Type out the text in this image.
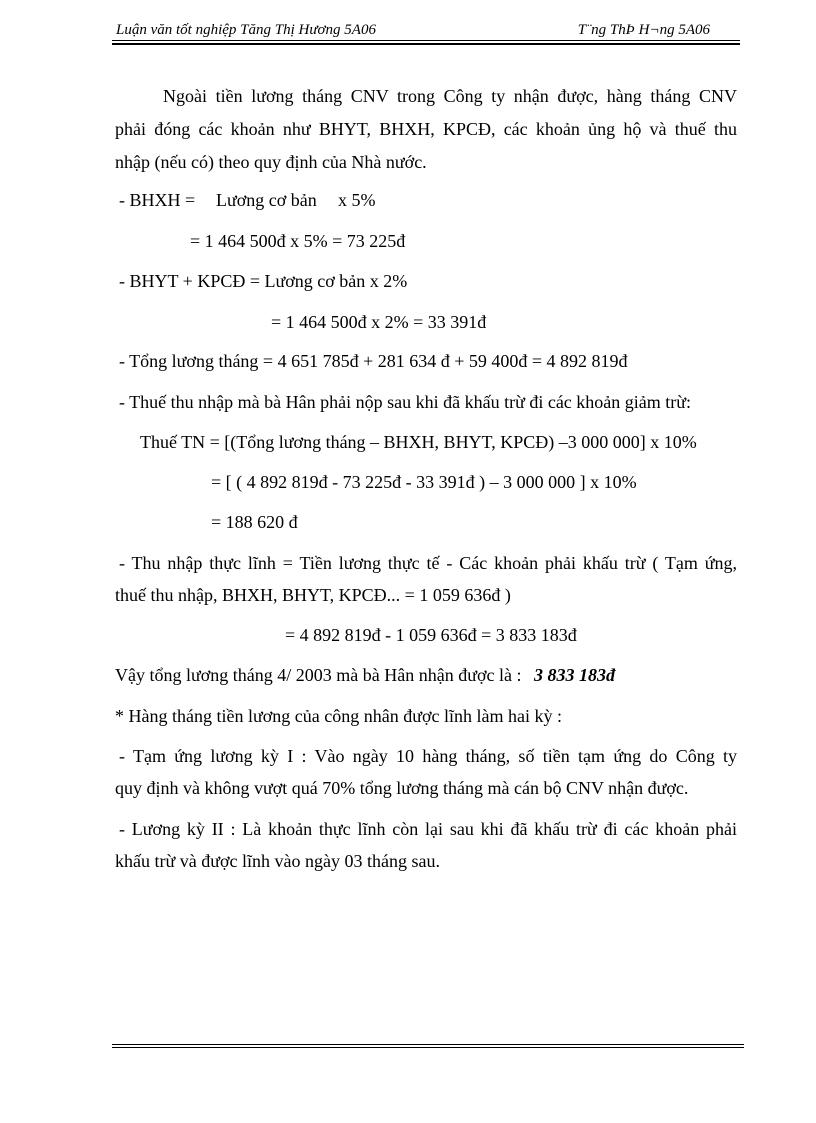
Luận văn tốt nghiệp Tăng Thị Hương 5A06	T¨ng ThÞ H¬ng 5A06
Ngoài tiền lương tháng CNV trong Công ty nhận được, hàng tháng CNV
phải đóng các khoản như BHYT, BHXH, KPCĐ, các khoản ủng hộ và thuế thu
nhập (nếu có) theo quy định của Nhà nước.
- BHXH = Lương cơ bản x 5%
= 1 464 500đ x 5% = 73 225đ
- BHYT + KPCĐ = Lương cơ bản x 2%
= 1 464 500đ x 2% = 33 391đ
- Tổng lương tháng = 4 651 785đ + 281 634 đ + 59 400đ = 4 892 819đ
- Thuế thu nhập mà bà Hân phải nộp sau khi đã khấu trừ đi các khoản giảm trừ:
Thuế TN = [(Tổng lương tháng – BHXH, BHYT, KPCĐ) –3 000 000] x 10%
= [ ( 4 892 819đ - 73 225đ - 33 391đ ) – 3 000 000 ] x 10%
= 188 620 đ
- Thu nhập thực lĩnh = Tiền lương thực tế - Các khoản phải khấu trừ ( Tạm ứng,
thuế thu nhập, BHXH, BHYT, KPCĐ... = 1 059 636đ )
= 4 892 819đ - 1 059 636đ = 3 833 183đ
Vậy tổng lương tháng 4/ 2003 mà bà Hân nhận được là : 3 833 183đ
* Hàng tháng tiền lương của công nhân được lĩnh làm hai kỳ :
- Tạm ứng lương kỳ I : Vào ngày 10 hàng tháng, số tiền tạm ứng do Công ty
quy định và không vượt quá 70% tổng lương tháng mà cán bộ CNV nhận được.
- Lương kỳ II : Là khoản thực lĩnh còn lại sau khi đã khấu trừ đi các khoản phải
khấu trừ và được lĩnh vào ngày 03 tháng sau.
